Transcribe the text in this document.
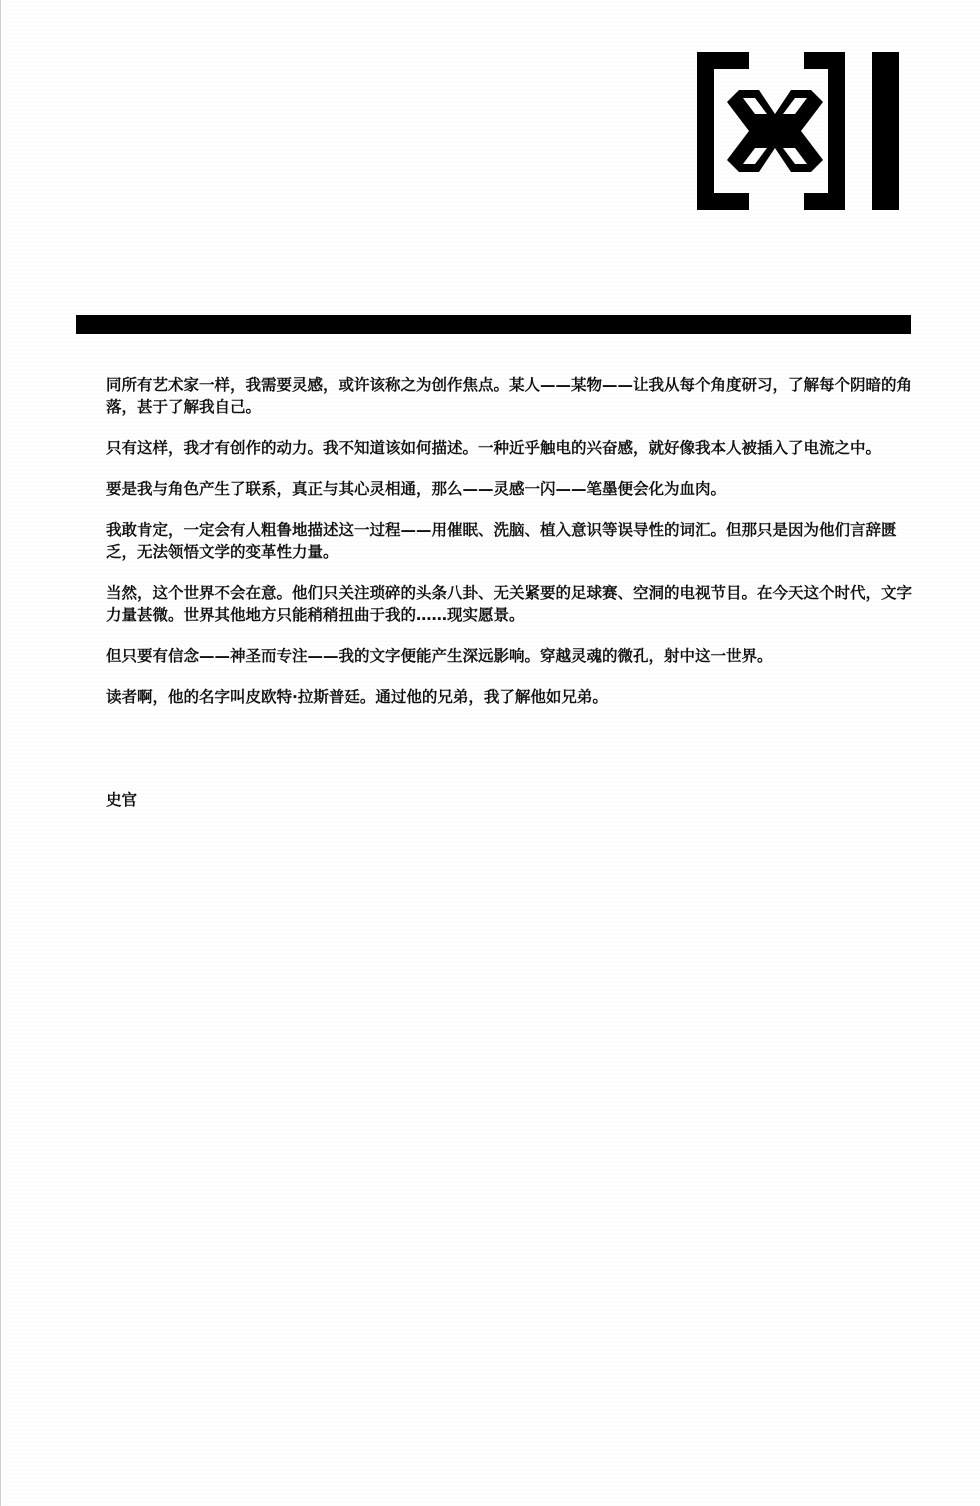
同所有艺术家一样，我需要灵感，或许该称之为创作焦点。某人——某物——让我从每个角度研习，了解每个阴暗的角落，甚于了解我自己。

只有这样，我才有创作的动力。我不知道该如何描述。一种近乎触电的兴奋感，就好像我本人被插入了电流之中。

要是我与角色产生了联系，真正与其心灵相通，那么——灵感一闪——笔墨便会化为血肉。

我敢肯定，一定会有人粗鲁地描述这一过程——用催眠、洗脑、植入意识等误导性的词汇。但那只是因为他们言辞匮乏，无法领悟文学的变革性力量。

当然，这个世界不会在意。他们只关注琐碎的头条八卦、无关紧要的足球赛、空洞的电视节目。在今天这个时代，文字力量甚微。世界其他地方只能稍稍扭曲于我的……现实愿景。

但只要有信念——神圣而专注——我的文字便能产生深远影响。穿越灵魂的微孔，射中这一世界。

读者啊，他的名字叫皮欧特·拉斯普廷。通过他的兄弟，我了解他如兄弟。

史官
